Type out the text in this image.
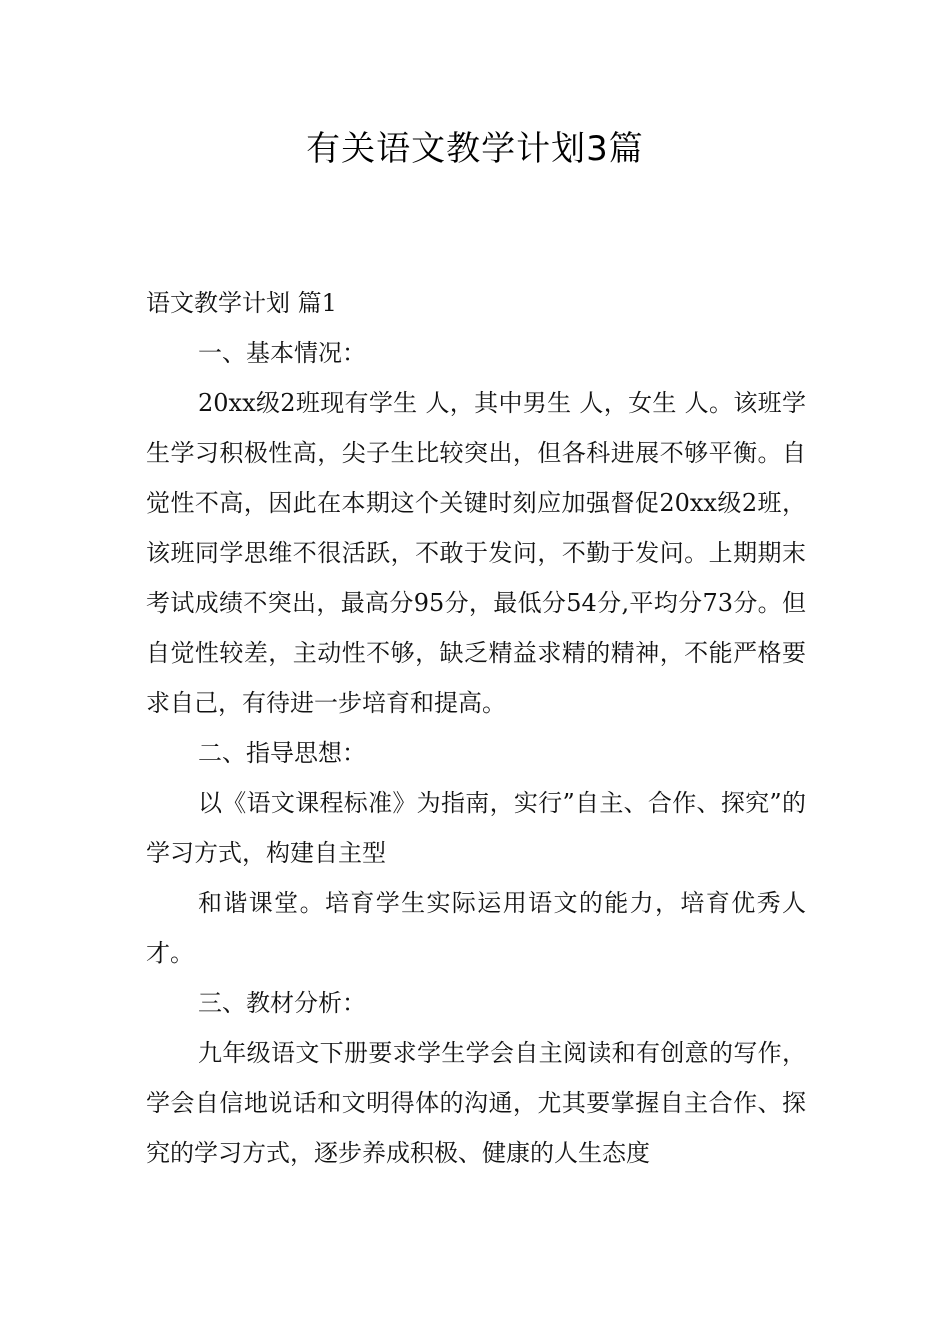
有关语文教学计划3篇

语文教学计划 篇1

一、基本情况：

20xx级2班现有学生 人，其中男生 人，女生 人。该班学生学习积极性高，尖子生比较突出，但各科进展不够平衡。自觉性不高，因此在本期这个关键时刻应加强督促20xx级2班，该班同学思维不很活跃，不敢于发问，不勤于发问。上期期末考试成绩不突出，最高分95分，最低分54分,平均分73分。但自觉性较差，主动性不够，缺乏精益求精的精神，不能严格要求自己，有待进一步培育和提高。

二、指导思想：

以《语文课程标准》为指南，实行”自主、合作、探究”的学习方式，构建自主型

和谐课堂。培育学生实际运用语文的能力，培育优秀人才。

三、教材分析：

九年级语文下册要求学生学会自主阅读和有创意的写作，学会自信地说话和文明得体的沟通，尤其要掌握自主合作、探究的学习方式，逐步养成积极、健康的人生态度
